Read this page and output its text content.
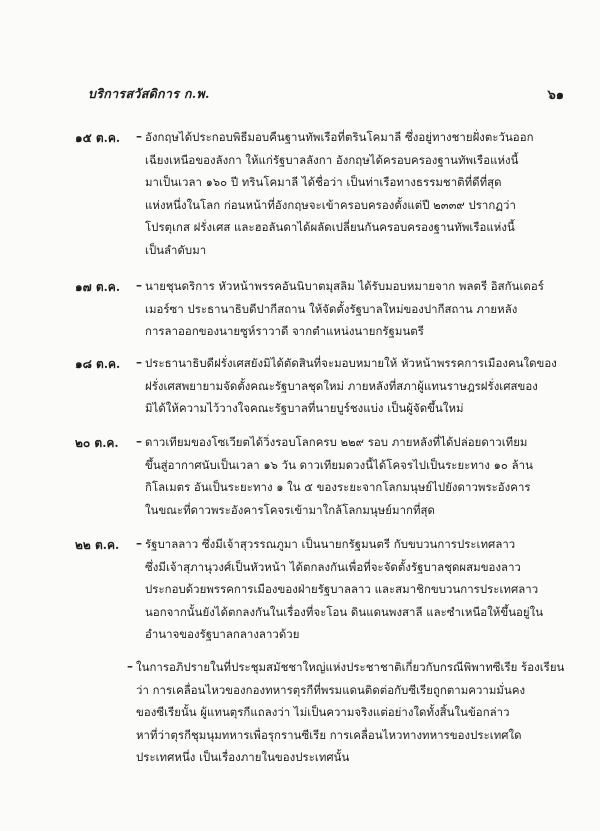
บริการสวัสดิการ ก.พ.	๖๑
๑๕ ต.ค.	– อังกฤษได้ประกอบพิธีมอบคืนฐานทัพเรือที่ตรินโคมาลี ซึ่งอยู่ทางชายฝั่งตะวันออก
เฉียงเหนือของลังกา ให้แก่รัฐบาลลังกา อังกฤษได้ครอบครองฐานทัพเรือแห่งนี้
มาเป็นเวลา ๑๖๐ ปี ทรินโคมาลี ได้ชื่อว่า เป็นท่าเรือทางธรรมชาติที่ดีที่สุด
แห่งหนึ่งในโลก ก่อนหน้าที่อังกฤษจะเข้าครอบครองตั้งแต่ปี ๒๓๓๙ ปรากฏว่า
โปรตุเกส ฝรั่งเศส และฮอลันดาได้ผลัดเปลี่ยนกันครอบครองฐานทัพเรือแห่งนี้
เป็นลำดับมา
๑๗ ต.ค.	– นายชุนดริการ หัวหน้าพรรคอันนิบาตมุสลิม ได้รับมอบหมายจาก พลตรี อิสกันเดอร์
เมอร์ซา ประธานาธิบดีปากีสถาน ให้จัดตั้งรัฐบาลใหม่ของปากีสถาน ภายหลัง
การลาออกของนายซูห์ราวาดี จากตำแหน่งนายกรัฐมนตรี
๑๘ ต.ค.	– ประธานาธิบดีฝรั่งเศสยังมิได้ตัดสินที่จะมอบหมายให้ หัวหน้าพรรคการเมืองคนใดของ
ฝรั่งเศสพยายามจัดตั้งคณะรัฐบาลชุดใหม่ ภายหลังที่สภาผู้แทนราษฎรฝรั่งเศสของ
มิได้ให้ความไว้วางใจคณะรัฐบาลที่นายบูร์ชงแบ่ง เป็นผู้จัดขึ้นใหม่
๒๐ ต.ค.	– ดาวเทียมของโซเวียตได้วิ่งรอบโลกครบ ๒๒๙ รอบ ภายหลังที่ได้ปล่อยดาวเทียม
ขึ้นสู่อากาศนับเป็นเวลา ๑๖ วัน ดาวเทียมดวงนี้ได้โคจรไปเป็นระยะทาง ๑๐ ล้าน
กิโลเมตร อันเป็นระยะทาง ๑ ใน ๕ ของระยะจากโลกมนุษย์ไปยังดาวพระอังคาร
ในขณะที่ดาวพระอังคารโคจรเข้ามาใกล้โลกมนุษย์มากที่สุด
๒๒ ต.ค.	– รัฐบาลลาว ซึ่งมีเจ้าสุวรรณภูมา เป็นนายกรัฐมนตรี กับขบวนการประเทศลาว
ซึ่งมีเจ้าสุภานุวงศ์เป็นหัวหน้า ได้ตกลงกันเพื่อที่จะจัดตั้งรัฐบาลชุดผสมของลาว
ประกอบด้วยพรรคการเมืองของฝ่ายรัฐบาลลาว และสมาชิกขบวนการประเทศลาว
นอกจากนั้นยังได้ตกลงกันในเรื่องที่จะโอน ดินแดนพงสาลี และซำเหนือให้ขึ้นอยู่ใน
อำนาจของรัฐบาลกลางลาวด้วย
– ในการอภิปรายในที่ประชุมสมัชชาใหญ่แห่งประชาชาติเกี่ยวกับกรณีพิพาทซีเรีย ร้องเรียน
ว่า การเคลื่อนไหวของกองทหารตุรกีที่พรมแดนติดต่อกับซีเรียถูกตามความมั่นคง
ของซีเรียนั้น ผู้แทนตุรกีแถลงว่า ไม่เป็นความจริงแต่อย่างใดทั้งสิ้นในข้อกล่าว
หาที่ว่าตุรกีชุมนุมทหารเพื่อรุกรานซีเรีย การเคลื่อนไหวทางทหารของประเทศใด
ประเทศหนึ่ง เป็นเรื่องภายในของประเทศนั้น
